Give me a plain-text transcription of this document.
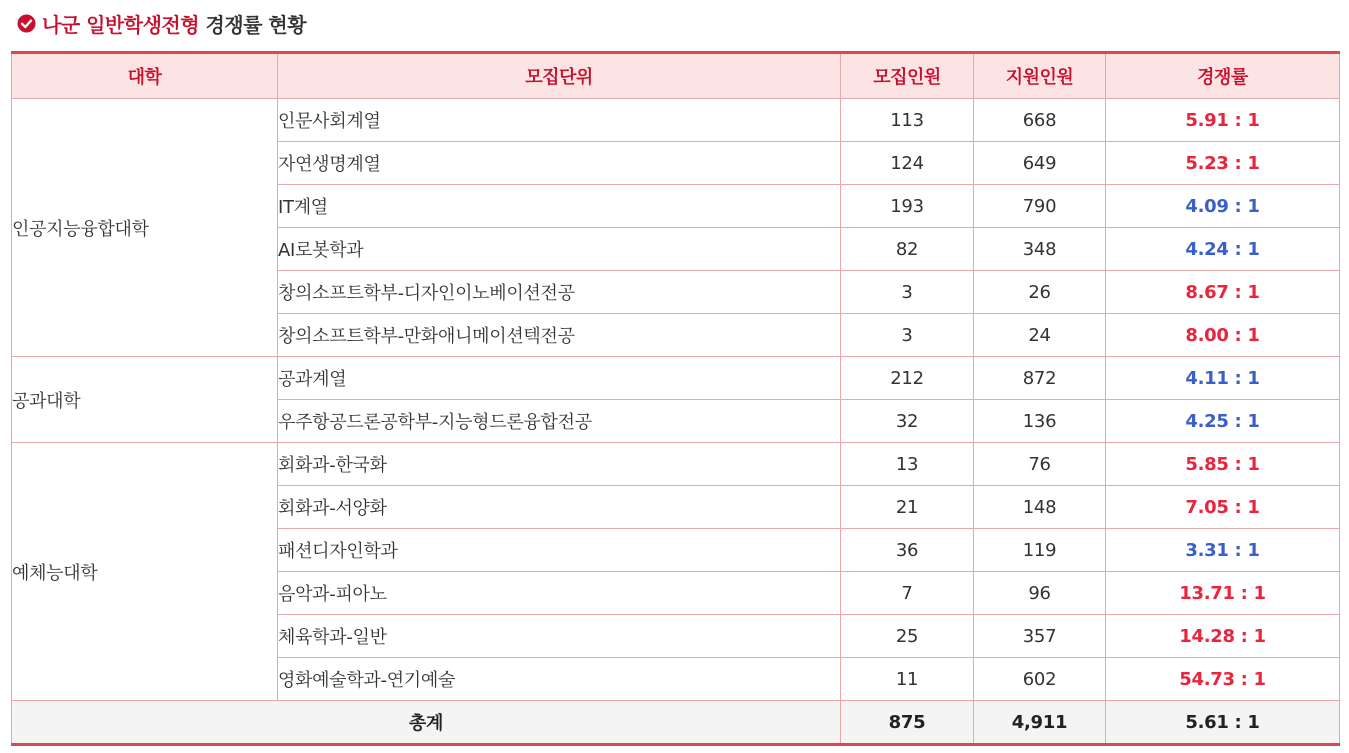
나군 일반학생전형 경쟁률 현황
대학	모집단위	모집인원	지원인원	경쟁률
인공지능융합대학	인문사회계열	113	668	5.91 : 1
	자연생명계열	124	649	5.23 : 1
	IT계열	193	790	4.09 : 1
	AI로봇학과	82	348	4.24 : 1
	창의소프트학부-디자인이노베이션전공	3	26	8.67 : 1
	창의소프트학부-만화애니메이션텍전공	3	24	8.00 : 1
공과대학	공과계열	212	872	4.11 : 1
	우주항공드론공학부-지능형드론융합전공	32	136	4.25 : 1
예체능대학	회화과-한국화	13	76	5.85 : 1
	회화과-서양화	21	148	7.05 : 1
	패션디자인학과	36	119	3.31 : 1
	음악과-피아노	7	96	13.71 : 1
	체육학과-일반	25	357	14.28 : 1
	영화예술학과-연기예술	11	602	54.73 : 1
총계		875	4,911	5.61 : 1
